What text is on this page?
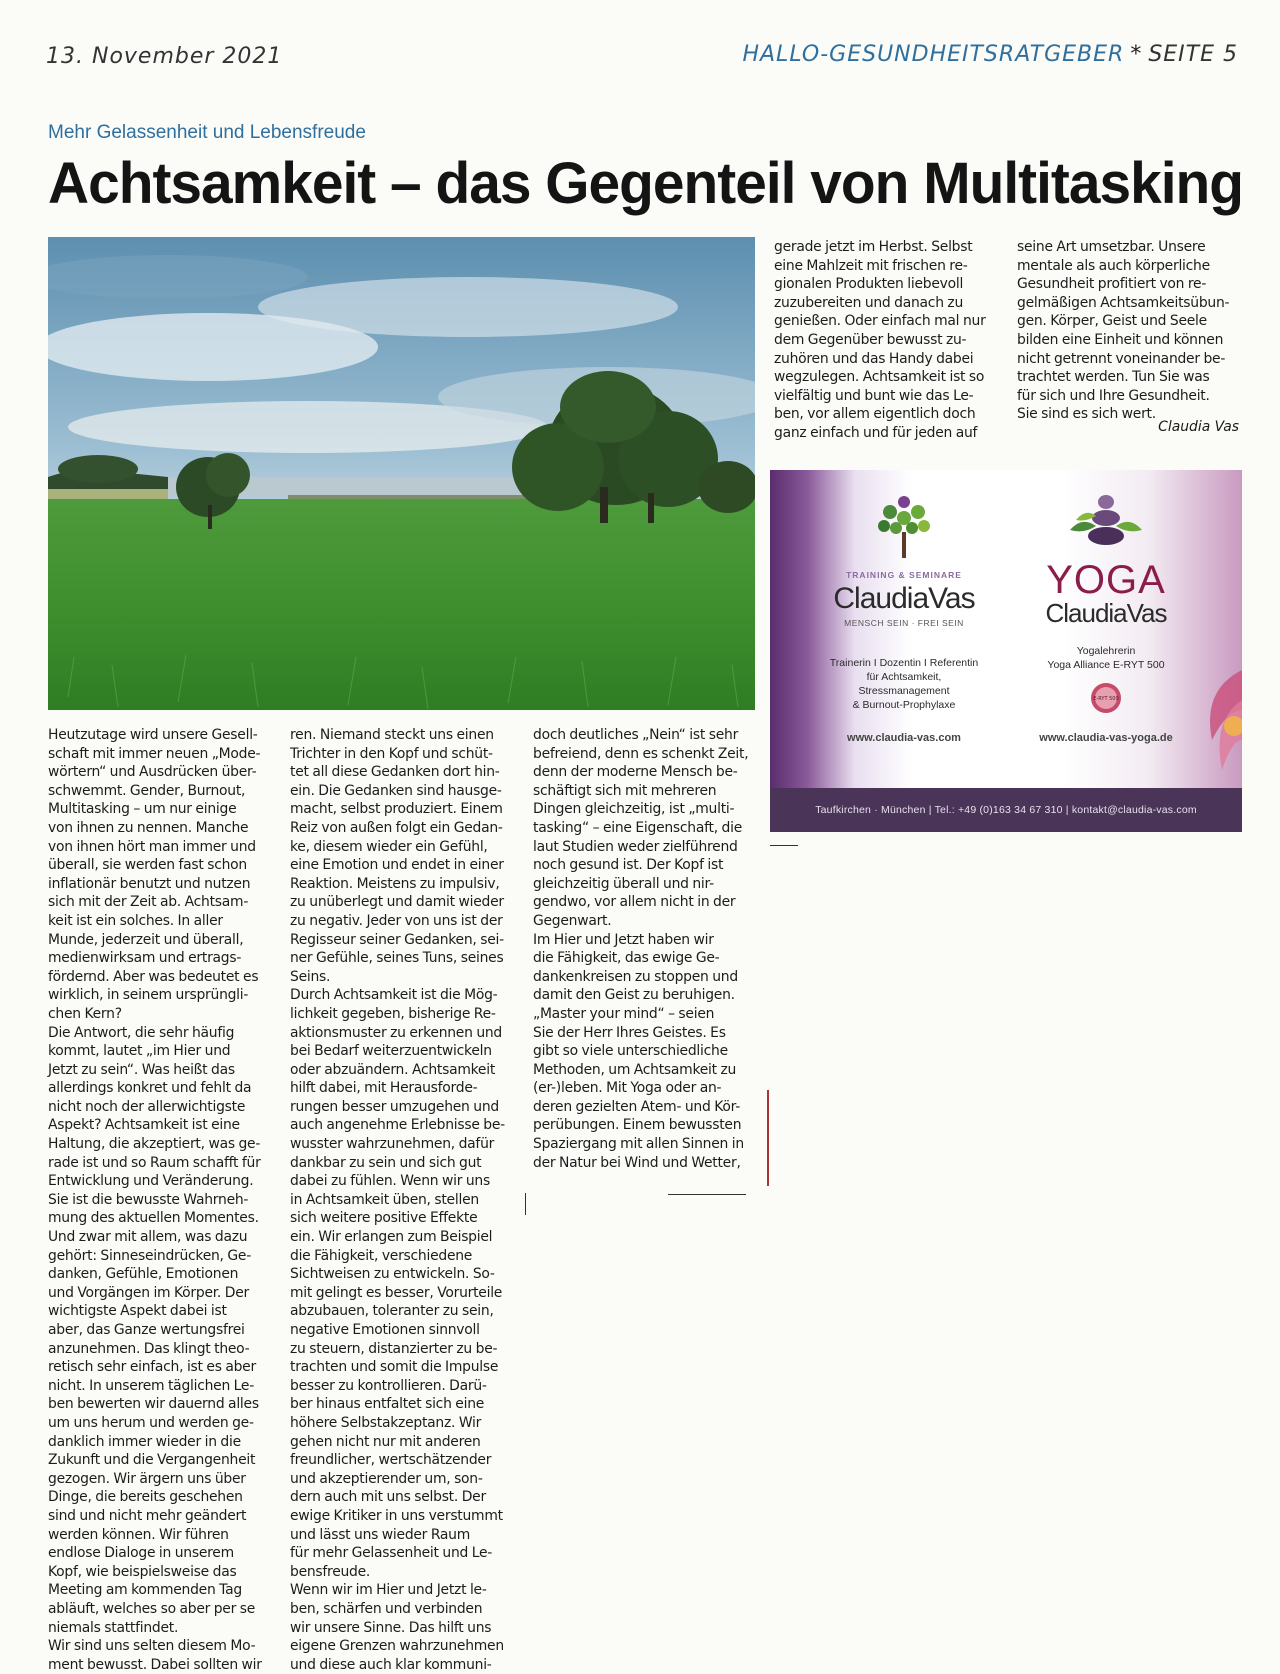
13. November 2021	HALLO-GESUNDHEITSRATGEBER * SEITE 5
Mehr Gelassenheit und Lebensfreude
Achtsamkeit – das Gegenteil von Multitasking
Heutzutage wird unsere Gesell-
schaft mit immer neuen „Mode-
wörtern“ und Ausdrücken über-
schwemmt. Gender, Burnout,
Multitasking – um nur einige
von ihnen zu nennen. Manche
von ihnen hört man immer und
überall, sie werden fast schon
inflationär benutzt und nutzen
sich mit der Zeit ab. Achtsam-
keit ist ein solches. In aller
Munde, jederzeit und überall,
medienwirksam und ertrags-
fördernd. Aber was bedeutet es
wirklich, in seinem ursprüngli-
chen Kern?
Die Antwort, die sehr häufig
kommt, lautet „im Hier und
Jetzt zu sein“. Was heißt das
allerdings konkret und fehlt da
nicht noch der allerwichtigste
Aspekt? Achtsamkeit ist eine
Haltung, die akzeptiert, was ge-
rade ist und so Raum schafft für
Entwicklung und Veränderung.
Sie ist die bewusste Wahrneh-
mung des aktuellen Momentes.
Und zwar mit allem, was dazu
gehört: Sinneseindrücken, Ge-
danken, Gefühle, Emotionen
und Vorgängen im Körper. Der
wichtigste Aspekt dabei ist
aber, das Ganze wertungsfrei
anzunehmen. Das klingt theo-
retisch sehr einfach, ist es aber
nicht. In unserem täglichen Le-
ben bewerten wir dauernd alles
um uns herum und werden ge-
danklich immer wieder in die
Zukunft und die Vergangenheit
gezogen. Wir ärgern uns über
Dinge, die bereits geschehen
sind und nicht mehr geändert
werden können. Wir führen
endlose Dialoge in unserem
Kopf, wie beispielsweise das
Meeting am kommenden Tag
abläuft, welches so aber per se
niemals stattfindet.
Wir sind uns selten diesem Mo-
ment bewusst. Dabei sollten wir
ren. Niemand steckt uns einen
Trichter in den Kopf und schüt-
tet all diese Gedanken dort hin-
ein. Die Gedanken sind hausge-
macht, selbst produziert. Einem
Reiz von außen folgt ein Gedan-
ke, diesem wieder ein Gefühl,
eine Emotion und endet in einer
Reaktion. Meistens zu impulsiv,
zu unüberlegt und damit wieder
zu negativ. Jeder von uns ist der
Regisseur seiner Gedanken, sei-
ner Gefühle, seines Tuns, seines
Seins.
Durch Achtsamkeit ist die Mög-
lichkeit gegeben, bisherige Re-
aktionsmuster zu erkennen und
bei Bedarf weiterzuentwickeln
oder abzuändern. Achtsamkeit
hilft dabei, mit Herausforde-
rungen besser umzugehen und
auch angenehme Erlebnisse be-
wusster wahrzunehmen, dafür
dankbar zu sein und sich gut
dabei zu fühlen. Wenn wir uns
in Achtsamkeit üben, stellen
sich weitere positive Effekte
ein. Wir erlangen zum Beispiel
die Fähigkeit, verschiedene
Sichtweisen zu entwickeln. So-
mit gelingt es besser, Vorurteile
abzubauen, toleranter zu sein,
negative Emotionen sinnvoll
zu steuern, distanzierter zu be-
trachten und somit die Impulse
besser zu kontrollieren. Darü-
ber hinaus entfaltet sich eine
höhere Selbstakzeptanz. Wir
gehen nicht nur mit anderen
freundlicher, wertschätzender
und akzeptierender um, son-
dern auch mit uns selbst. Der
ewige Kritiker in uns verstummt
und lässt uns wieder Raum
für mehr Gelassenheit und Le-
bensfreude.
Wenn wir im Hier und Jetzt le-
ben, schärfen und verbinden
wir unsere Sinne. Das hilft uns
eigene Grenzen wahrzunehmen
und diese auch klar kommuni-
doch deutliches „Nein“ ist sehr
befreiend, denn es schenkt Zeit,
denn der moderne Mensch be-
schäftigt sich mit mehreren
Dingen gleichzeitig, ist „multi-
tasking“ – eine Eigenschaft, die
laut Studien weder zielführend
noch gesund ist. Der Kopf ist
gleichzeitig überall und nir-
gendwo, vor allem nicht in der
Gegenwart.
Im Hier und Jetzt haben wir
die Fähigkeit, das ewige Ge-
dankenkreisen zu stoppen und
damit den Geist zu beruhigen.
„Master your mind“ – seien
Sie der Herr Ihres Geistes. Es
gibt so viele unterschiedliche
Methoden, um Achtsamkeit zu
(er-)leben. Mit Yoga oder an-
deren gezielten Atem- und Kör-
perübungen. Einem bewussten
Spaziergang mit allen Sinnen in
der Natur bei Wind und Wetter,
gerade jetzt im Herbst. Selbst
eine Mahlzeit mit frischen re-
gionalen Produkten liebevoll
zuzubereiten und danach zu
genießen. Oder einfach mal nur
dem Gegenüber bewusst zu-
zuhören und das Handy dabei
wegzulegen. Achtsamkeit ist so
vielfältig und bunt wie das Le-
ben, vor allem eigentlich doch
ganz einfach und für jeden auf
seine Art umsetzbar. Unsere
mentale als auch körperliche
Gesundheit profitiert von re-
gelmäßigen Achtsamkeitsübun-
gen. Körper, Geist und Seele
bilden eine Einheit und können
nicht getrennt voneinander be-
trachtet werden. Tun Sie was
für sich und Ihre Gesundheit.
Sie sind es sich wert.
Claudia Vas
TRAINING & SEMINARE
ClaudiaVas
MENSCH SEIN · FREI SEIN
Trainerin I Dozentin I Referentin
für Achtsamkeit,
Stressmanagement
& Burnout-Prophylaxe
www.claudia-vas.com
YOGA
ClaudiaVas
Yogalehrerin
Yoga Alliance E-RYT 500
E-RYT 500
www.claudia-vas-yoga.de
Taufkirchen · München | Tel.: +49 (0)163 34 67 310 | kontakt@claudia-vas.com
